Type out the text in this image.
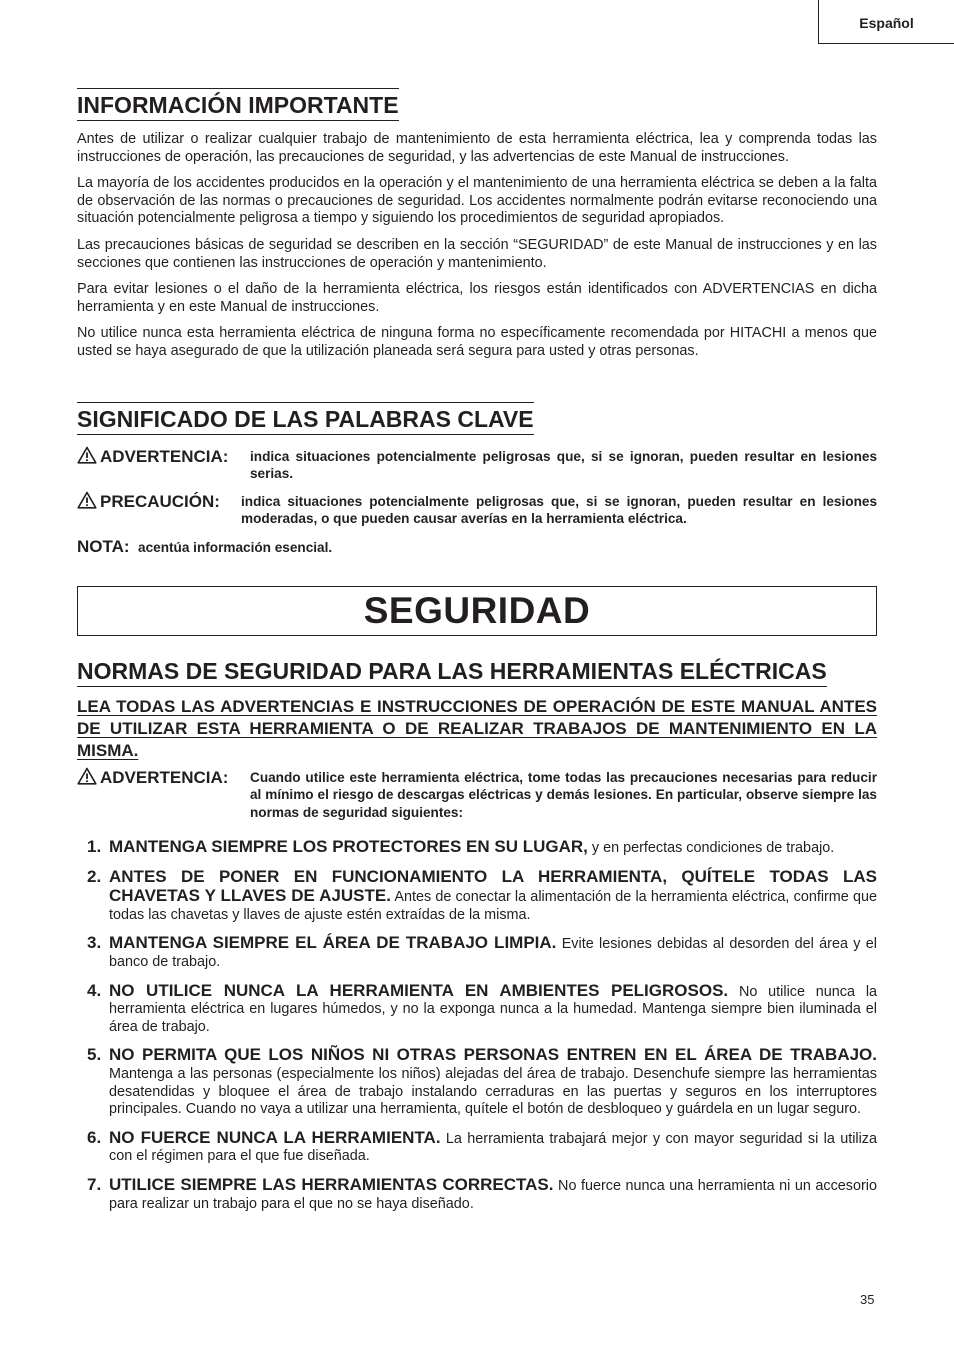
Español
INFORMACIÓN IMPORTANTE

Antes de utilizar o realizar cualquier trabajo de mantenimiento de esta herramienta eléctrica, lea y comprenda todas las instrucciones de operación, las precauciones de seguridad, y las advertencias de este Manual de instrucciones.

La mayoría de los accidentes producidos en la operación y el mantenimiento de una herramienta eléctrica se deben a la falta de observación de las normas o precauciones de seguridad. Los accidentes normalmente podrán evitarse reconociendo una situación potencialmente peligrosa a tiempo y siguiendo los procedimientos de seguridad apropiados.

Las precauciones básicas de seguridad se describen en la sección “SEGURIDAD” de este Manual de instrucciones y en las secciones que contienen las instrucciones de operación y mantenimiento.

Para evitar lesiones o el daño de la herramienta eléctrica, los riesgos están identificados con ADVERTENCIAS en dicha herramienta y en este Manual de instrucciones.

No utilice nunca esta herramienta eléctrica de ninguna forma no específicamente recomendada por HITACHI a menos que usted se haya asegurado de que la utilización planeada será segura para usted y otras personas.

SIGNIFICADO DE LAS PALABRAS CLAVE
ADVERTENCIA: indica situaciones potencialmente peligrosas que, si se ignoran, pueden resultar en lesiones serias.
PRECAUCIÓN: indica situaciones potencialmente peligrosas que, si se ignoran, pueden resultar en lesiones moderadas, o que pueden causar averías en la herramienta eléctrica.
NOTA: acentúa información esencial.
SEGURIDAD
NORMAS DE SEGURIDAD PARA LAS HERRAMIENTAS ELÉCTRICAS

LEA TODAS LAS ADVERTENCIAS E INSTRUCCIONES DE OPERACIÓN DE ESTE MANUAL ANTES DE UTILIZAR ESTA HERRAMIENTA O DE REALIZAR TRABAJOS DE MANTENIMIENTO EN LA MISMA.

ADVERTENCIA: Cuando utilice este herramienta eléctrica, tome todas las precauciones necesarias para reducir al mínimo el riesgo de descargas eléctricas y demás lesiones. En particular, observe siempre las normas de seguridad siguientes:
1. MANTENGA SIEMPRE LOS PROTECTORES EN SU LUGAR, y en perfectas condiciones de trabajo.
2. ANTES DE PONER EN FUNCIONAMIENTO LA HERRAMIENTA, QUÍTELE TODAS LAS CHAVETAS Y LLAVES DE AJUSTE. Antes de conectar la alimentación de la herramienta eléctrica, confirme que todas las chavetas y llaves de ajuste estén extraídas de la misma.
3. MANTENGA SIEMPRE EL ÁREA DE TRABAJO LIMPIA. Evite lesiones debidas al desorden del área y el banco de trabajo.
4. NO UTILICE NUNCA LA HERRAMIENTA EN AMBIENTES PELIGROSOS. No utilice nunca la herramienta eléctrica en lugares húmedos, y no la exponga nunca a la humedad. Mantenga siempre bien iluminada el área de trabajo.
5. NO PERMITA QUE LOS NIÑOS NI OTRAS PERSONAS ENTREN EN EL ÁREA DE TRABAJO. Mantenga a las personas (especialmente los niños) alejadas del área de trabajo. Desenchufe siempre las herramientas desatendidas y bloquee el área de trabajo instalando cerraduras en las puertas y seguros en los interruptores principales. Cuando no vaya a utilizar una herramienta, quítele el botón de desbloqueo y guárdela en un lugar seguro.
6. NO FUERCE NUNCA LA HERRAMIENTA. La herramienta trabajará mejor y con mayor seguridad si la utiliza con el régimen para el que fue diseñada.
7. UTILICE SIEMPRE LAS HERRAMIENTAS CORRECTAS. No fuerce nunca una herramienta ni un accesorio para realizar un trabajo para el que no se haya diseñado.
35
